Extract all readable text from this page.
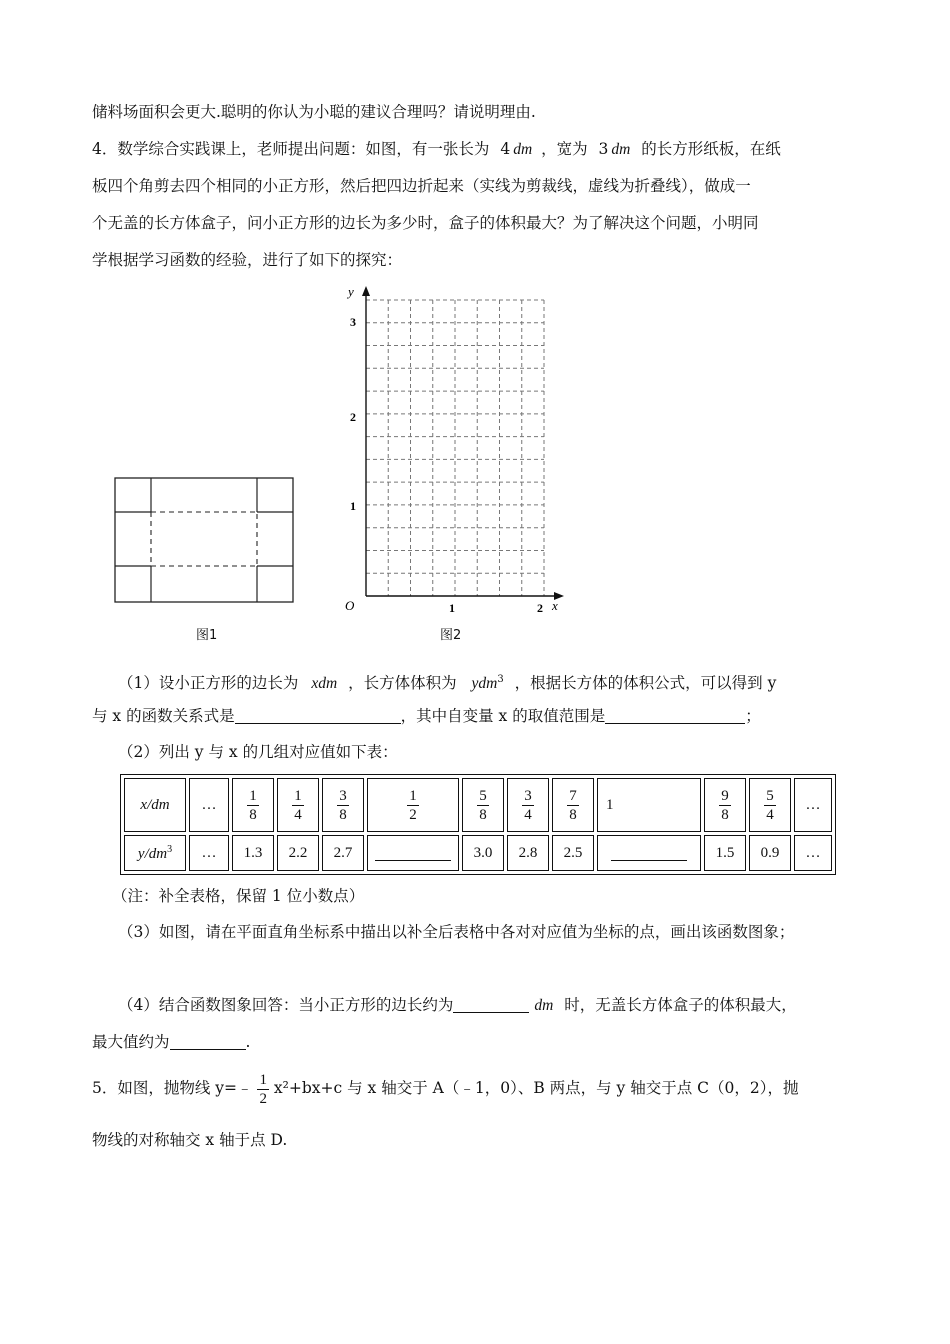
储料场面积会更大.聪明的你认为小聪的建议合理吗？请说明理由.
4．数学综合实践课上，老师提出问题：如图，有一张长为 4 dm ，宽为 3 dm 的长方形纸板，在纸
板四个角剪去四个相同的小正方形，然后把四边折起来（实线为剪裁线，虚线为折叠线），做成一
个无盖的长方体盒子，问小正方形的边长为多少时，盒子的体积最大？为了解决这个问题，小明同
学根据学习函数的经验，进行了如下的探究：
图1
x
y
O	1	2
1
2
3
图2
（1）设小正方形的边长为 xdm ，长方体体积为 ydm$^3$ ，根据长方体的体积公式，可以得到 y
与 x 的函数关系式是	，其中自变量 x 的取值范围是	；
（2）列出 y 与 x 的几组对应值如下表：
x/dm	…	$\frac{1}{8}$	$\frac{1}{4}$	$\frac{3}{8}$	$\frac{1}{2}$	$\frac{5}{8}$	$\frac{3}{4}$	$\frac{7}{8}$	1	$\frac{9}{8}$	$\frac{5}{4}$	…
$y/dm^3$	…	1.3	2.2	2.7		3.0	2.8	2.5		1.5	0.9	…
（注：补全表格，保留 1 位小数点）
（3）如图，请在平面直角坐标系中描出以补全后表格中各对对应值为坐标的点，画出该函数图象；
（4）结合函数图象回答：当小正方形的边长约为	dm 时，无盖长方体盒子的体积最大，
最大值约为	.
5．如图，抛物线 y=﹣ $\frac{1}{2} x^2+bx+c$ 与 x 轴交于 A（﹣1，0）、B 两点，与 y 轴交于点 C（0，2），抛
物线的对称轴交 x 轴于点 D.
